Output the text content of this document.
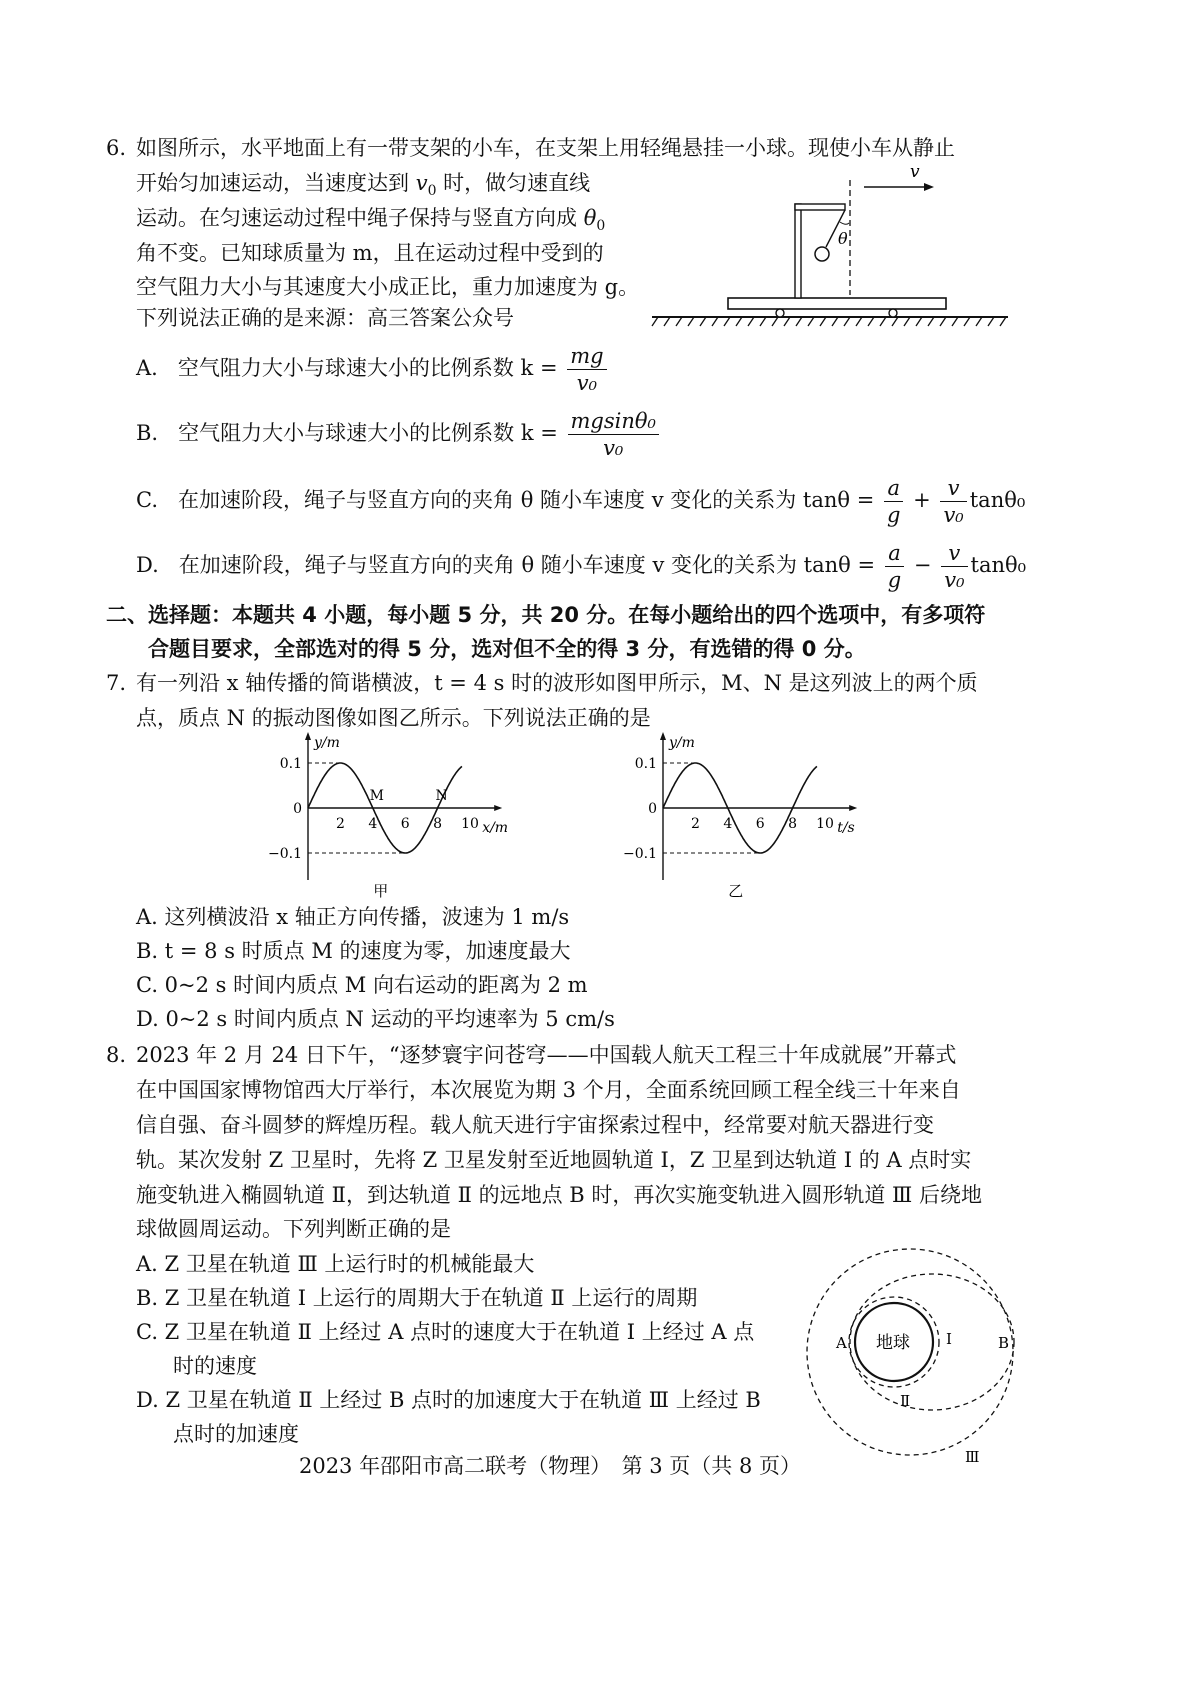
6. 如图所示，水平地面上有一带支架的小车，在支架上用轻绳悬挂一小球。现使小车从静止
开始匀加速运动，当速度达到 $v_0$ 时，做匀速直线
运动。在匀速运动过程中绳子保持与竖直方向成 $\theta_0$
角不变。已知球质量为 m，且在运动过程中受到的
空气阻力大小与其速度大小成正比，重力加速度为 g。
下列说法正确的是来源：高三答案公众号
θ
v
A. 空气阻力大小与球速大小的比例系数 $k = \frac{mg}{\text{v₀}}$
B. 空气阻力大小与球速大小的比例系数 $k = \frac{\text{mgsinθ₀}}{\text{v₀}}$
C. 在加速阶段，绳子与竖直方向的夹角 θ 随小车速度 v 变化的关系为 $\tan\theta = \frac{a}{g} + \frac{v}{\text{v₀}} \tan\theta_0$
D. 在加速阶段，绳子与竖直方向的夹角 θ 随小车速度 v 变化的关系为 $\tan\theta = \frac{a}{g} - \frac{v}{\text{v₀}} \tan\theta_0$
二、选择题：本题共 4 小题，每小题 5 分，共 20 分。在每小题给出的四个选项中，有多项符
合题目要求，全部选对的得 5 分，选对但不全的得 3 分，有选错的得 0 分。
7. 有一列沿 x 轴传播的简谐横波，t = 4 s 时的波形如图甲所示，M、N 是这列波上的两个质
点，质点 N 的振动图像如图乙所示。下列说法正确的是
y/m
x/m
0.1
0
−0.1
2 4 6 8 10
M	N
甲
y/m
t/s
0.1
0
−0.1
2 4 6 8 10
乙
A. 这列横波沿 x 轴正方向传播，波速为 1 m/s
B. t = 8 s 时质点 M 的速度为零，加速度最大
C. 0~2 s 时间内质点 M 向右运动的距离为 2 m
D. 0~2 s 时间内质点 N 运动的平均速率为 5 cm/s
8. 2023 年 2 月 24 日下午，“逐梦寰宇问苍穹——中国载人航天工程三十年成就展”开幕式
在中国国家博物馆西大厅举行，本次展览为期 3 个月，全面系统回顾工程全线三十年来自
信自强、奋斗圆梦的辉煌历程。载人航天进行宇宙探索过程中，经常要对航天器进行变
轨。某次发射 Z 卫星时，先将 Z 卫星发射至近地圆轨道 Ⅰ，Z 卫星到达轨道 Ⅰ 的 A 点时实
施变轨进入椭圆轨道 Ⅱ，到达轨道 Ⅱ 的远地点 B 时，再次实施变轨进入圆形轨道 Ⅲ 后绕地
球做圆周运动。下列判断正确的是
A. Z 卫星在轨道 Ⅲ 上运行时的机械能最大
B. Z 卫星在轨道 Ⅰ 上运行的周期大于在轨道 Ⅱ 上运行的周期
C. Z 卫星在轨道 Ⅱ 上经过 A 点时的速度大于在轨道 Ⅰ 上经过 A 点
时的速度
D. Z 卫星在轨道 Ⅱ 上经过 B 点时的加速度大于在轨道 Ⅲ 上经过 B
点时的加速度
地球
A	B
Ⅰ
Ⅱ
Ⅲ
2023 年邵阳市高二联考（物理）　第 3 页（共 8 页）
